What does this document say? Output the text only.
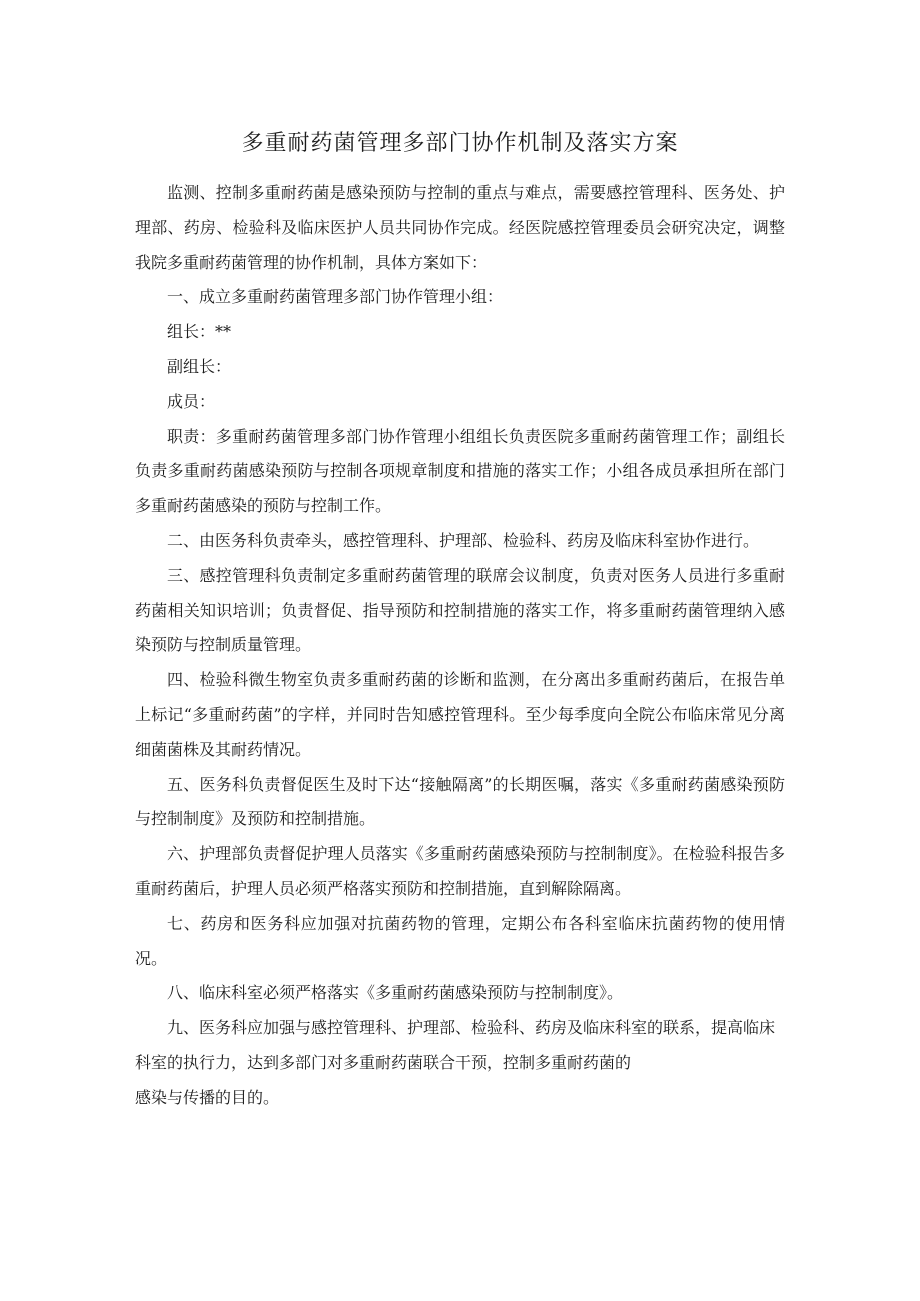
多重耐药菌管理多部门协作机制及落实方案

监测、控制多重耐药菌是感染预防与控制的重点与难点，需要感控管理科、医务处、护理部、药房、检验科及临床医护人员共同协作完成。经医院感控管理委员会研究决定，调整我院多重耐药菌管理的协作机制，具体方案如下：

一、成立多重耐药菌管理多部门协作管理小组：

组长：**

副组长：

成员：

职责：多重耐药菌管理多部门协作管理小组组长负责医院多重耐药菌管理工作；副组长负责多重耐药菌感染预防与控制各项规章制度和措施的落实工作；小组各成员承担所在部门多重耐药菌感染的预防与控制工作。

二、由医务科负责牵头，感控管理科、护理部、检验科、药房及临床科室协作进行。

三、感控管理科负责制定多重耐药菌管理的联席会议制度，负责对医务人员进行多重耐药菌相关知识培训；负责督促、指导预防和控制措施的落实工作，将多重耐药菌管理纳入感染预防与控制质量管理。

四、检验科微生物室负责多重耐药菌的诊断和监测，在分离出多重耐药菌后，在报告单上标记“多重耐药菌”的字样，并同时告知感控管理科。至少每季度向全院公布临床常见分离细菌菌株及其耐药情况。

五、医务科负责督促医生及时下达“接触隔离”的长期医嘱，落实《多重耐药菌感染预防与控制制度》及预防和控制措施。

六、护理部负责督促护理人员落实《多重耐药菌感染预防与控制制度》。在检验科报告多重耐药菌后，护理人员必须严格落实预防和控制措施，直到解除隔离。

七、药房和医务科应加强对抗菌药物的管理，定期公布各科室临床抗菌药物的使用情况。

八、临床科室必须严格落实《多重耐药菌感染预防与控制制度》。

九、医务科应加强与感控管理科、护理部、检验科、药房及临床科室的联系，提高临床科室的执行力，达到多部门对多重耐药菌联合干预，控制多重耐药菌的

感染与传播的目的。
